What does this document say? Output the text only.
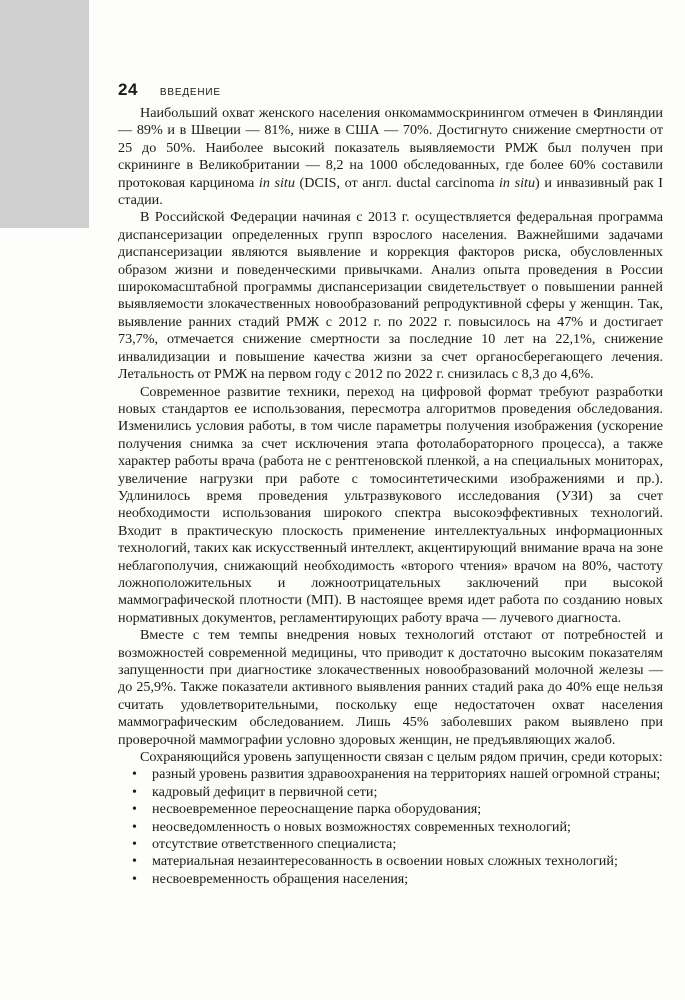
24 ВВЕДЕНИЕ

Наибольший охват женского населения онкомаммоскринингом отмечен в Финляндии — 89% и в Швеции — 81%, ниже в США — 70%. Достигнуто снижение смертности от 25 до 50%. Наиболее высокий показатель выявляемости РМЖ был получен при скрининге в Великобритании — 8,2 на 1000 обследованных, где более 60% составили протоковая карцинома in situ (DCIS, от англ. ductal carcinoma in situ) и инвазивный рак I стадии.

В Российской Федерации начиная с 2013 г. осуществляется федеральная программа диспансеризации определенных групп взрослого населения. Важнейшими задачами диспансеризации являются выявление и коррекция факторов риска, обусловленных образом жизни и поведенческими привычками. Анализ опыта проведения в России широкомасштабной программы диспансеризации свидетельствует о повышении ранней выявляемости злокачественных новообразований репродуктивной сферы у женщин. Так, выявление ранних стадий РМЖ с 2012 г. по 2022 г. повысилось на 47% и достигает 73,7%, отмечается снижение смертности за последние 10 лет на 22,1%, снижение инвалидизации и повышение качества жизни за счет органосберегающего лечения. Летальность от РМЖ на первом году с 2012 по 2022 г. снизилась с 8,3 до 4,6%.

Современное развитие техники, переход на цифровой формат требуют разработки новых стандартов ее использования, пересмотра алгоритмов проведения обследования. Изменились условия работы, в том числе параметры получения изображения (ускорение получения снимка за счет исключения этапа фотолабораторного процесса), а также характер работы врача (работа не с рентгеновской пленкой, а на специальных мониторах, увеличение нагрузки при работе с томосинтетическими изображениями и пр.). Удлинилось время проведения ультразвукового исследования (УЗИ) за счет необходимости использования широкого спектра высокоэффективных технологий. Входит в практическую плоскость применение интеллектуальных информационных технологий, таких как искусственный интеллект, акцентирующий внимание врача на зоне неблагополучия, снижающий необходимость «второго чтения» врачом на 80%, частоту ложноположительных и ложноотрицательных заключений при высокой маммографической плотности (МП). В настоящее время идет работа по созданию новых нормативных документов, регламентирующих работу врача — лучевого диагноста.

Вместе с тем темпы внедрения новых технологий отстают от потребностей и возможностей современной медицины, что приводит к достаточно высоким показателям запущенности при диагностике злокачественных новообразований молочной железы — до 25,9%. Также показатели активного выявления ранних стадий рака до 40% еще нельзя считать удовлетворительными, поскольку еще недостаточен охват населения маммографическим обследованием. Лишь 45% заболевших раком выявлено при проверочной маммографии условно здоровых женщин, не предъявляющих жалоб.

Сохраняющийся уровень запущенности связан с целым рядом причин, среди которых:

• разный уровень развития здравоохранения на территориях нашей огромной страны;
• кадровый дефицит в первичной сети;
• несвоевременное переоснащение парка оборудования;
• неосведомленность о новых возможностях современных технологий;
• отсутствие ответственного специалиста;
• материальная незаинтересованность в освоении новых сложных технологий;
• несвоевременность обращения населения;
